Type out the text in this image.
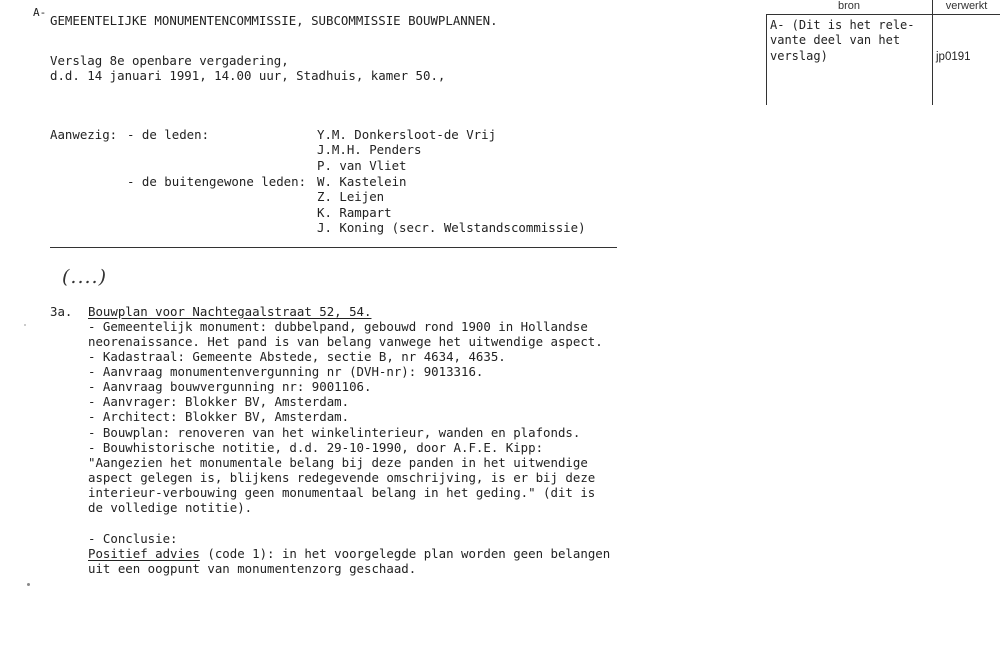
A-
GEMEENTELIJKE MONUMENTENCOMMISSIE, SUBCOMMISSIE BOUWPLANNEN.
Verslag 8e openbare vergadering,
d.d. 14 januari 1991, 14.00 uur, Stadhuis, kamer 50.,
bron	verwerkt
A- (Dit is het rele-
vante deel van het
verslag)	jp0191
Aanwezig: - de leden:
- de buitengewone leden:
Y.M. Donkersloot-de Vrij
J.M.H. Penders
P. van Vliet
W. Kastelein
Z. Leijen
K. Rampart
J. Koning (secr. Welstandscommissie)
(....)
3a. Bouwplan voor Nachtegaalstraat 52, 54.
- Gemeentelijk monument: dubbelpand, gebouwd rond 1900 in Hollandse
neorenaissance. Het pand is van belang vanwege het uitwendige aspect.
- Kadastraal: Gemeente Abstede, sectie B, nr 4634, 4635.
- Aanvraag monumentenvergunning nr (DVH-nr): 9013316.
- Aanvraag bouwvergunning nr: 9001106.
- Aanvrager: Blokker BV, Amsterdam.
- Architect: Blokker BV, Amsterdam.
- Bouwplan: renoveren van het winkelinterieur, wanden en plafonds.
- Bouwhistorische notitie, d.d. 29-10-1990, door A.F.E. Kipp:
"Aangezien het monumentale belang bij deze panden in het uitwendige
aspect gelegen is, blijkens redegevende omschrijving, is er bij deze
interieur-verbouwing geen monumentaal belang in het geding." (dit is
de volledige notitie).
- Conclusie:
Positief advies (code 1): in het voorgelegde plan worden geen belangen
uit een oogpunt van monumentenzorg geschaad.
